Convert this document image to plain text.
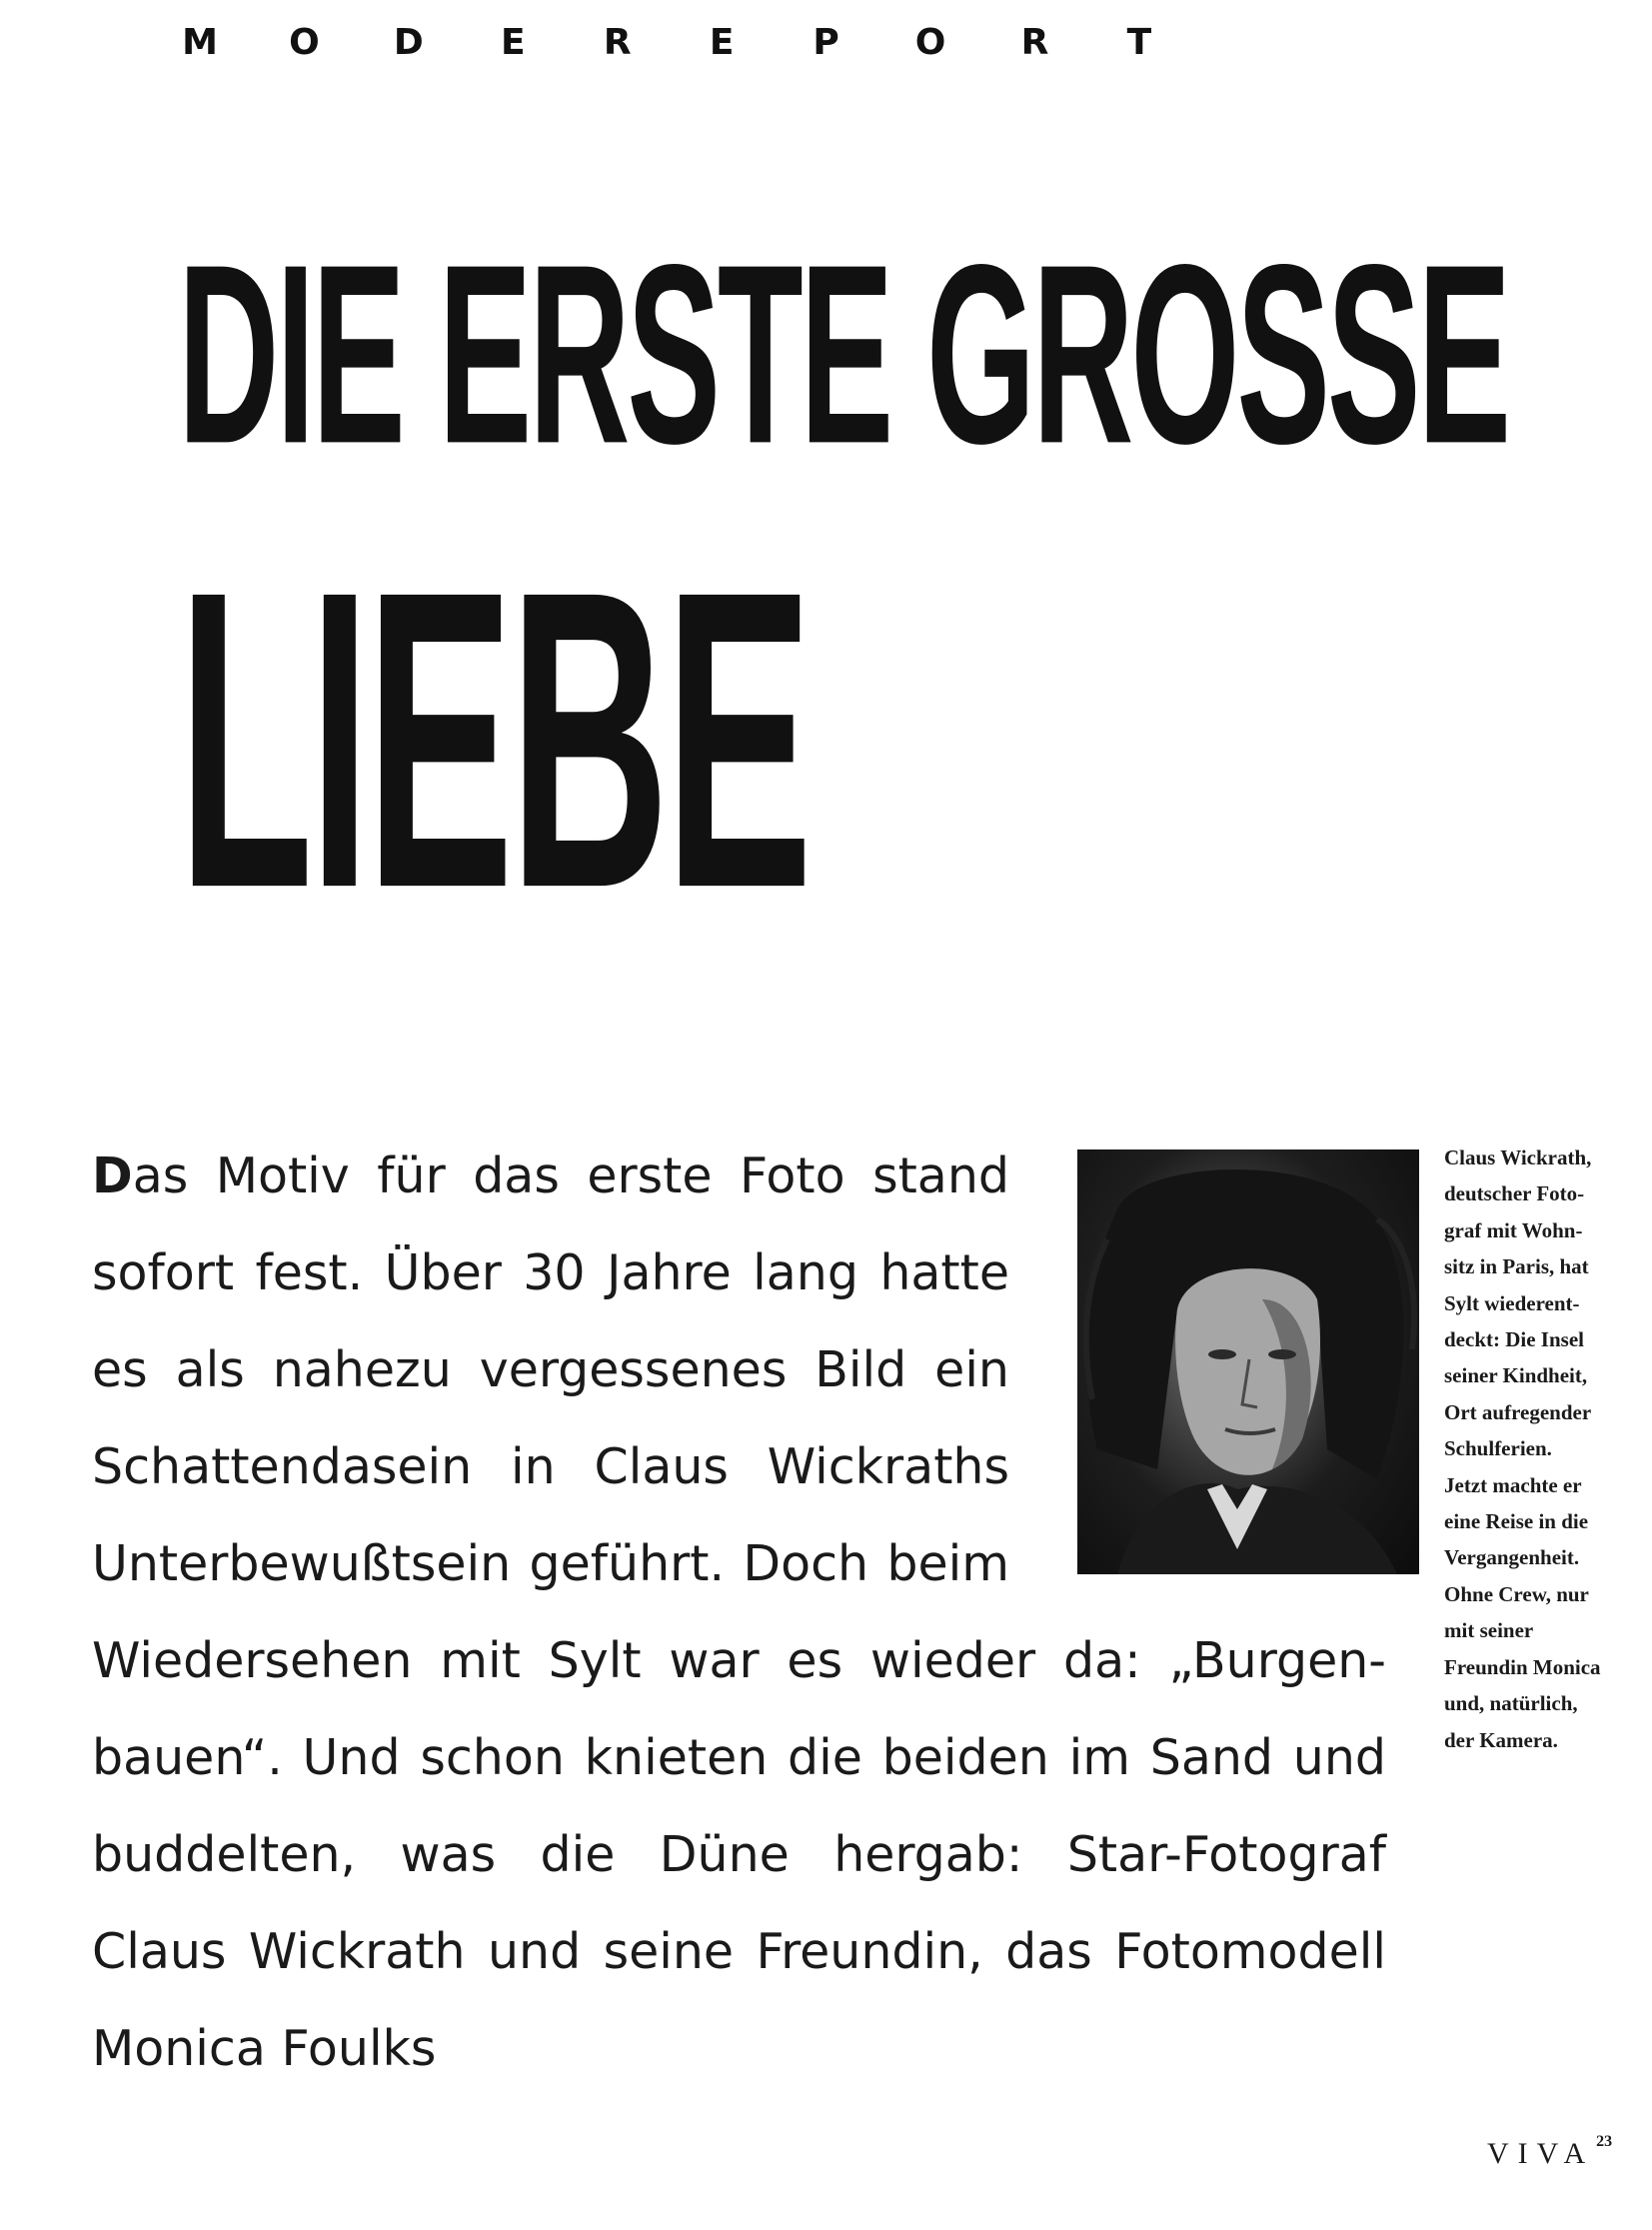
M O D E R E P O R T
DIE ERSTE GROSSE
LIEBE
Das Motiv für das erste Foto stand
sofort fest. Über 30 Jahre lang hatte
es als nahezu vergessenes Bild ein
Schattendasein in Claus Wickraths
Unterbewußtsein geführt. Doch beim
Wiedersehen mit Sylt war es wieder da: „Burgen-
bauen“. Und schon knieten die beiden im Sand und
buddelten, was die Düne hergab: Star-Fotograf
Claus Wickrath und seine Freundin, das Fotomodell
Monica Foulks
Claus Wickrath,
deutscher Foto-
graf mit Wohn-
sitz in Paris, hat
Sylt wiederent-
deckt: Die Insel
seiner Kindheit,
Ort aufregender
Schulferien.
Jetzt machte er
eine Reise in die
Vergangenheit.
Ohne Crew, nur
mit seiner
Freundin Monica
und, natürlich,
der Kamera.
VIVA 23
